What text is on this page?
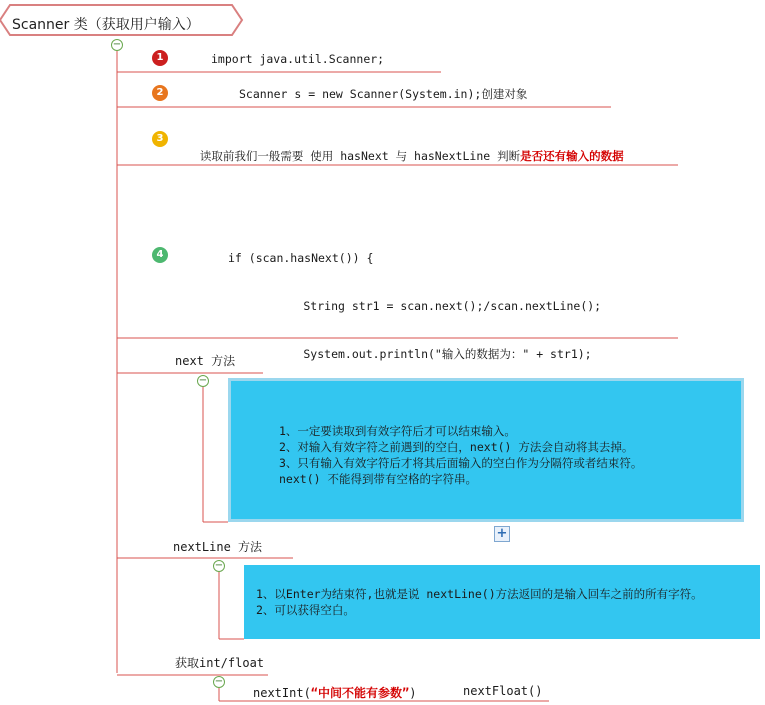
Scanner 类（获取用户输入）
−
1	import java.util.Scanner;
2	Scanner s = new Scanner(System.in);创建对象
3

读取前我们一般需要 使用 hasNext 与 hasNextLine 判断是否还有输入的数据

4

	if (scan.hasNext()) {

String str1 = scan.next();/scan.nextLine();

System.out.println("输入的数据为：" + str1);

next 方法
−
1、一定要读取到有效字符后才可以结束输入。
2、对输入有效字符之前遇到的空白，next() 方法会自动将其去掉。
3、只有输入有效字符后才将其后面输入的空白作为分隔符或者结束符。
next() 不能得到带有空格的字符串。
+
nextLine 方法
−
1、以Enter为结束符,也就是说 nextLine()方法返回的是输入回车之前的所有字符。
2、可以获得空白。
获取int/float
−
nextInt(“中间不能有参数”)	nextFloat()
